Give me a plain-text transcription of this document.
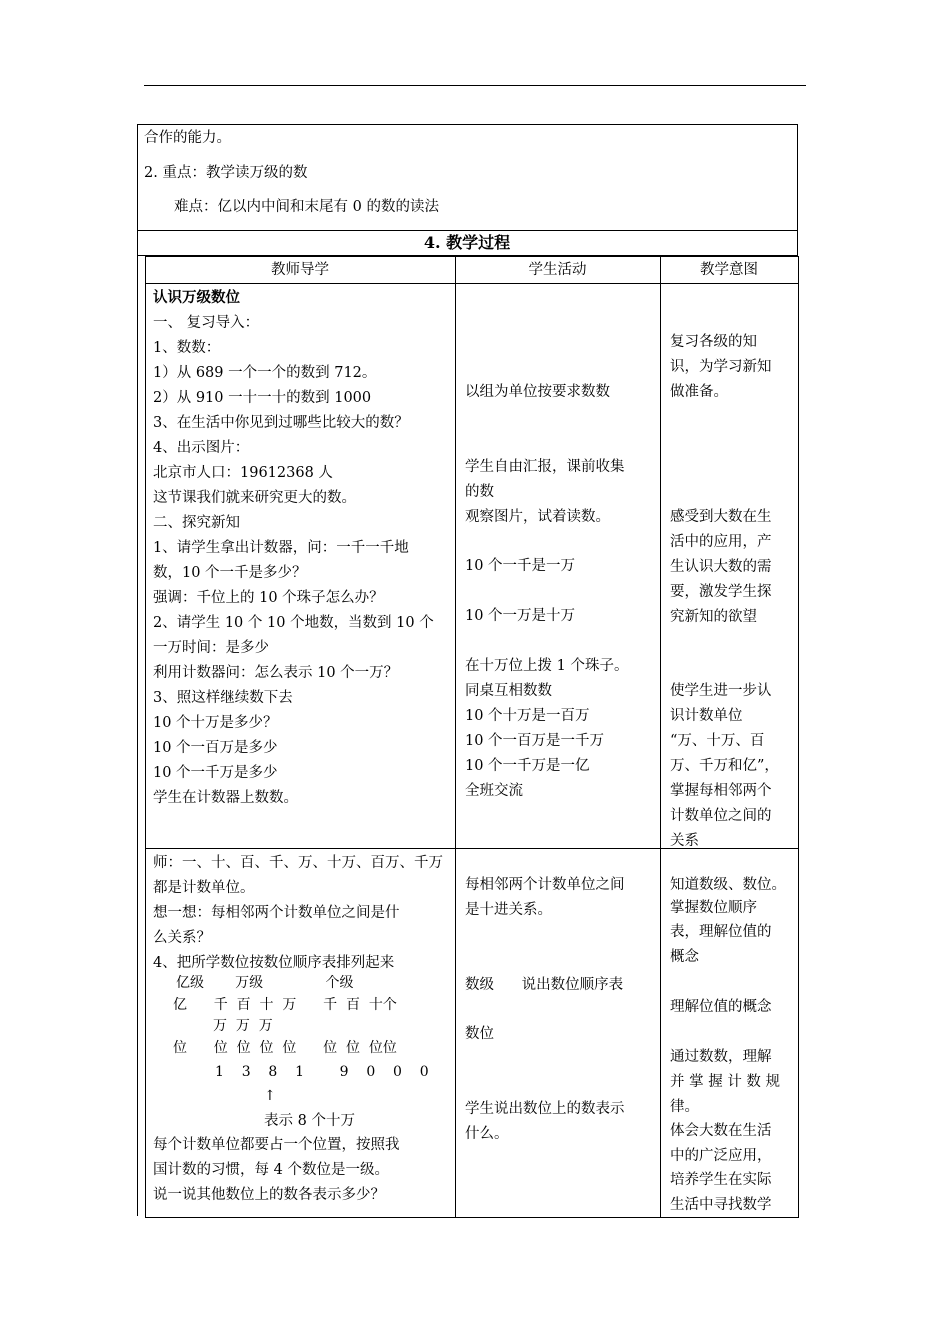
合作的能力。
2. 重点：教学读万级的数
难点：亿以内中间和末尾有 0 的数的读法
4. 教学过程
教师导学	学生活动	教学意图
认识万级数位
一、 复习导入：
1、数数：
1）从 689 一个一个的数到 712。
2）从 910 一十一十的数到 1000
3、在生活中你见到过哪些比较大的数？
4、出示图片：
北京市人口：19612368 人
这节课我们就来研究更大的数。
二、探究新知
1、请学生拿出计数器，问：一千一千地
数，10 个一千是多少？
强调：千位上的 10 个珠子怎么办？
2、请学生 10 个 10 个地数，当数到 10 个
一万时间：是多少
利用计数器问：怎么表示 10 个一万？
3、照这样继续数下去
10 个十万是多少？
10 个一百万是多少
10 个一千万是多少
学生在计数器上数数。
以组为单位按要求数数
学生自由汇报，课前收集
的数
观察图片，试着读数。
10 个一千是一万
10 个一万是十万
在十万位上拨 1 个珠子。
同桌互相数数
10 个十万是一百万
10 个一百万是一千万
10 个一千万是一亿
全班交流
复习各级的知
识，为学习新知
做准备。
感受到大数在生
活中的应用，产
生认识大数的需
要，激发学生探
究新知的欲望
使学生进一步认
识计数单位
“万、十万、百
万、千万和亿”，
掌握每相邻两个
计数单位之间的
关系
师：一、十、百、千、万、十万、百万、千万
都是计数单位。
想一想：每相邻两个计数单位之间是什
么关系？
4、把所学数位按数位顺序表排列起来
亿级       万级              个级
亿      千  百  十  万      千  百  十个
万  万  万
位      位  位  位  位      位  位  位位
1    3    8    1        9    0    0    0
↑
表示 8 个十万
每个计数单位都要占一个位置，按照我
国计数的习惯，每 4 个数位是一级。
说一说其他数位上的数各表示多少？
每相邻两个计数单位之间
是十进关系。
数级      说出数位顺序表
数位
学生说出数位上的数表示
什么。
知道数级、数位。
掌握数位顺序
表，理解位值的
概念
理解位值的概念
通过数数，理解
并 掌 握 计 数 规
律。
体会大数在生活
中的广泛应用，
培养学生在实际
生活中寻找数学
